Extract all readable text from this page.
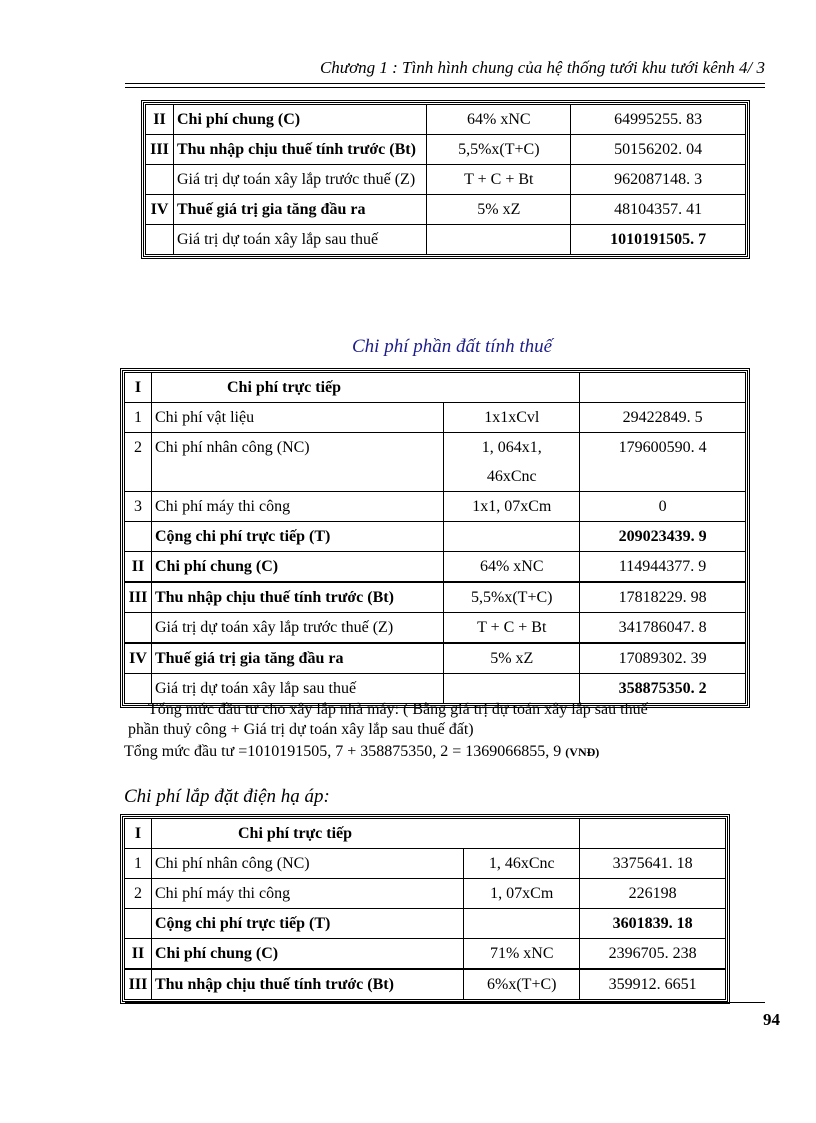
Chương 1 : Tình hình chung của hệ thống tưới khu tưới kênh 4/ 3
II	Chi phí chung (C)	64% xNC	64995255. 83
III	Thu nhập chịu thuế tính trước (Bt)	5,5%x(T+C)	50156202. 04
	Giá trị dự toán xây lắp trước thuế (Z)	T + C + Bt	962087148. 3
IV	Thuế giá trị gia tăng đầu ra	5% xZ	48104357. 41
	Giá trị dự toán xây lắp sau thuế		1010191505. 7
Chi phí phần đất tính thuế
I	Chi phí trực tiếp		
1	Chi phí vật liệu	1x1xCvl	29422849. 5
2	Chi phí nhân công (NC)	1, 064x1, 46xCnc	179600590. 4
3	Chi phí máy thi công	1x1, 07xCm	0
	Cộng chi phí trực tiếp (T)		209023439. 9
II	Chi phí chung (C)	64% xNC	114944377. 9
III	Thu nhập chịu thuế tính trước (Bt)	5,5%x(T+C)	17818229. 98
	Giá trị dự toán xây lắp trước thuế (Z)	T + C + Bt	341786047. 8
IV	Thuế giá trị gia tăng đầu ra	5% xZ	17089302. 39
	Giá trị dự toán xây lắp sau thuế		358875350. 2
Tổng mức đầu tư cho xây lắp nhà máy: ( Bằng giá trị dự toán xây lắp sau thuế
phần thuỷ công + Giá trị dự toán xây lắp sau thuế đất)
Tổng mức đầu tư =1010191505, 7 + 358875350, 2 = 1369066855, 9 (VNĐ)
Chi phí lắp đặt điện hạ áp:
I	Chi phí trực tiếp		
1	Chi phí nhân công (NC)	1, 46xCnc	3375641. 18
2	Chi phí máy thi công	1, 07xCm	226198
	Cộng chi phí trực tiếp (T)		3601839. 18
II	Chi phí chung (C)	71% xNC	2396705. 238
III	Thu nhập chịu thuế tính trước (Bt)	6%x(T+C)	359912. 6651
94
